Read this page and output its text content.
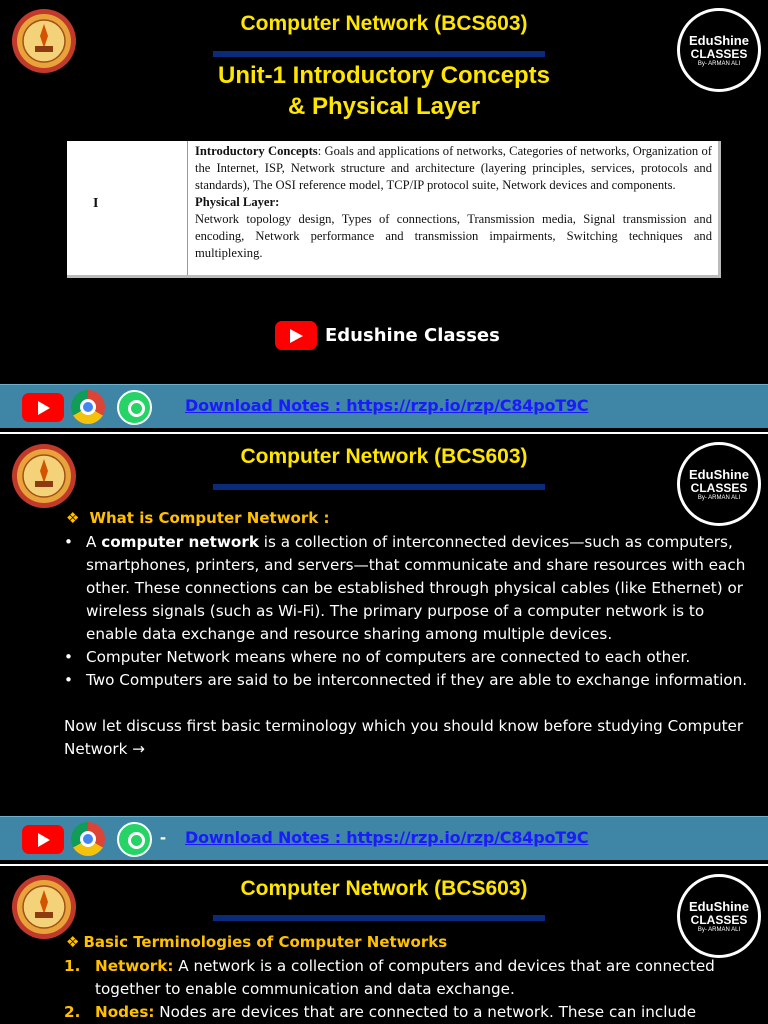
Computer Network (BCS603)
EduShine
CLASSES
By- ARMAN ALI
Unit-1 Introductory Concepts
& Physical Layer
I
Introductory Concepts: Goals and applications of networks, Categories of networks, Organization of the Internet, ISP, Network structure and architecture (layering principles, services, protocols and standards), The OSI reference model, TCP/IP protocol suite, Network devices and components.
Physical Layer:
Network topology design, Types of connections, Transmission media, Signal transmission and encoding, Network performance and transmission impairments, Switching techniques and multiplexing.
Edushine Classes
Download Notes : https://rzp.io/rzp/C84poT9C
Computer Network (BCS603)
EduShine
CLASSES
By- ARMAN ALI
❖ What is Computer Network :
• A computer network is a collection of interconnected devices—such as computers, smartphones, printers, and servers—that communicate and share resources with each other. These connections can be established through physical cables (like Ethernet) or wireless signals (such as Wi-Fi). The primary purpose of a computer network is to enable data exchange and resource sharing among multiple devices.
• Computer Network means where no of computers are connected to each other.
• Two Computers are said to be interconnected if they are able to exchange information.

Now let discuss first basic terminology which you should know before studying Computer Network →

- Download Notes : https://rzp.io/rzp/C84poT9C
Computer Network (BCS603)
EduShine
CLASSES
By- ARMAN ALI
❖ Basic Terminologies of Computer Networks
1. Network: A network is a collection of computers and devices that are connected together to enable communication and data exchange.
2. Nodes: Nodes are devices that are connected to a network. These can include
